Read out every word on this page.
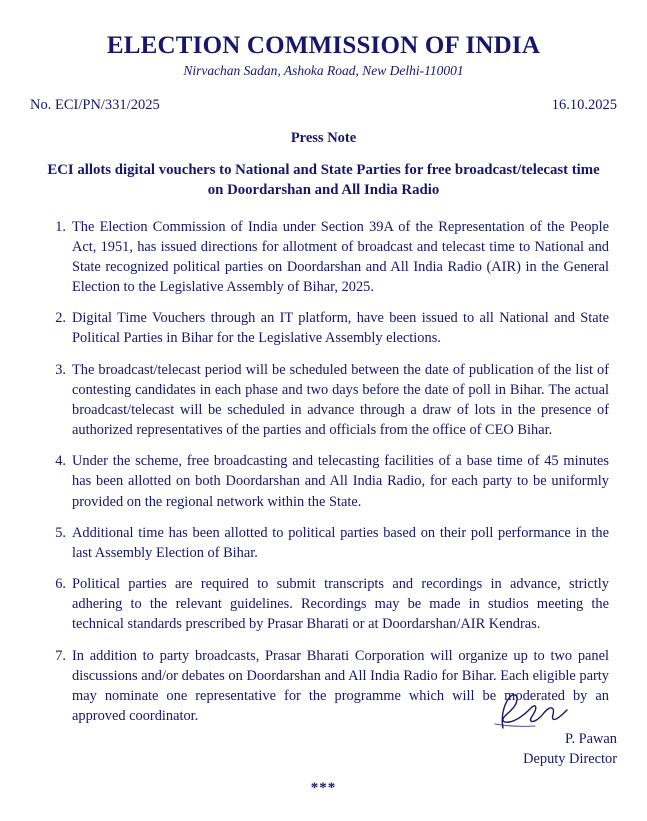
ELECTION COMMISSION OF INDIA
Nirvachan Sadan, Ashoka Road, New Delhi-110001
No. ECI/PN/331/2025	16.10.2025
Press Note
ECI allots digital vouchers to National and State Parties for free broadcast/telecast time on Doordarshan and All India Radio
The Election Commission of India under Section 39A of the Representation of the People Act, 1951, has issued directions for allotment of broadcast and telecast time to National and State recognized political parties on Doordarshan and All India Radio (AIR) in the General Election to the Legislative Assembly of Bihar, 2025.
Digital Time Vouchers through an IT platform, have been issued to all National and State Political Parties in Bihar for the Legislative Assembly elections.
The broadcast/telecast period will be scheduled between the date of publication of the list of contesting candidates in each phase and two days before the date of poll in Bihar. The actual broadcast/telecast will be scheduled in advance through a draw of lots in the presence of authorized representatives of the parties and officials from the office of CEO Bihar.
Under the scheme, free broadcasting and telecasting facilities of a base time of 45 minutes has been allotted on both Doordarshan and All India Radio, for each party to be uniformly provided on the regional network within the State.
Additional time has been allotted to political parties based on their poll performance in the last Assembly Election of Bihar.
Political parties are required to submit transcripts and recordings in advance, strictly adhering to the relevant guidelines. Recordings may be made in studios meeting the technical standards prescribed by Prasar Bharati or at Doordarshan/AIR Kendras.
In addition to party broadcasts, Prasar Bharati Corporation will organize up to two panel discussions and/or debates on Doordarshan and All India Radio for Bihar. Each eligible party may nominate one representative for the programme which will be moderated by an approved coordinator.
P. Pawan
Deputy Director
***
